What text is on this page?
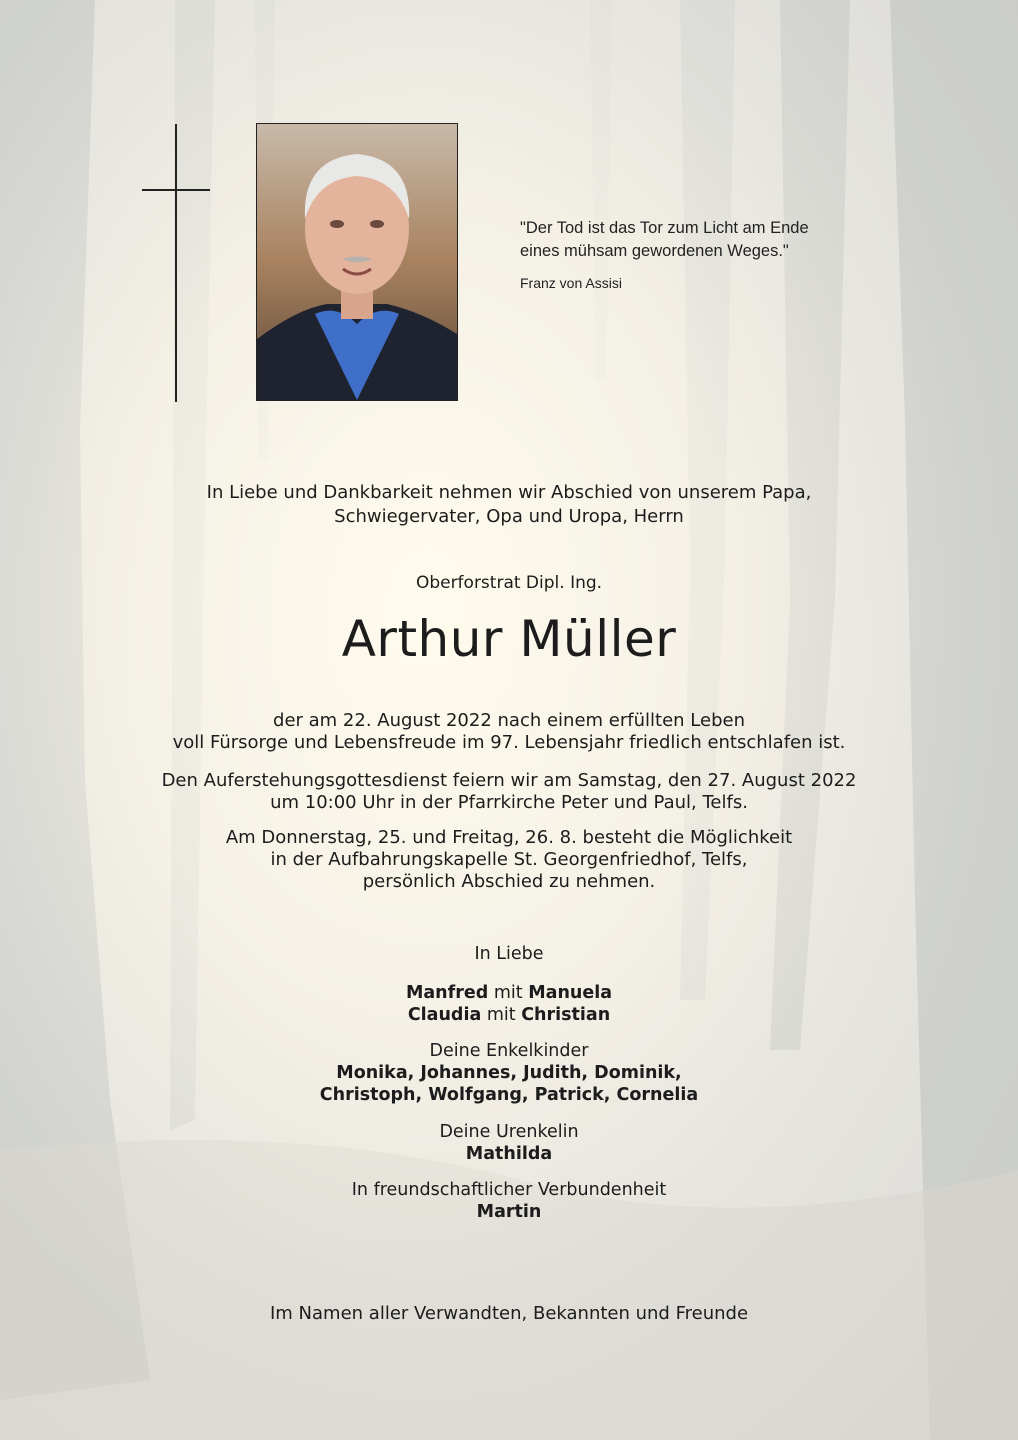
"Der Tod ist das Tor zum Licht am Ende
eines mühsam gewordenen Weges."
Franz von Assisi
In Liebe und Dankbarkeit nehmen wir Abschied von unserem Papa,
Schwiegervater, Opa und Uropa, Herrn
Oberforstrat Dipl. Ing.
Arthur Müller
der am 22. August 2022 nach einem erfüllten Leben
voll Fürsorge und Lebensfreude im 97. Lebensjahr friedlich entschlafen ist.
Den Auferstehungsgottesdienst feiern wir am Samstag, den 27. August 2022
um 10:00 Uhr in der Pfarrkirche Peter und Paul, Telfs.
Am Donnerstag, 25. und Freitag, 26. 8. besteht die Möglichkeit
in der Aufbahrungskapelle St. Georgenfriedhof, Telfs,
persönlich Abschied zu nehmen.
In Liebe
Manfred mit Manuela
Claudia mit Christian
Deine Enkelkinder
Monika, Johannes, Judith, Dominik,
Christoph, Wolfgang, Patrick, Cornelia
Deine Urenkelin
Mathilda
In freundschaftlicher Verbundenheit
Martin
Im Namen aller Verwandten, Bekannten und Freunde
